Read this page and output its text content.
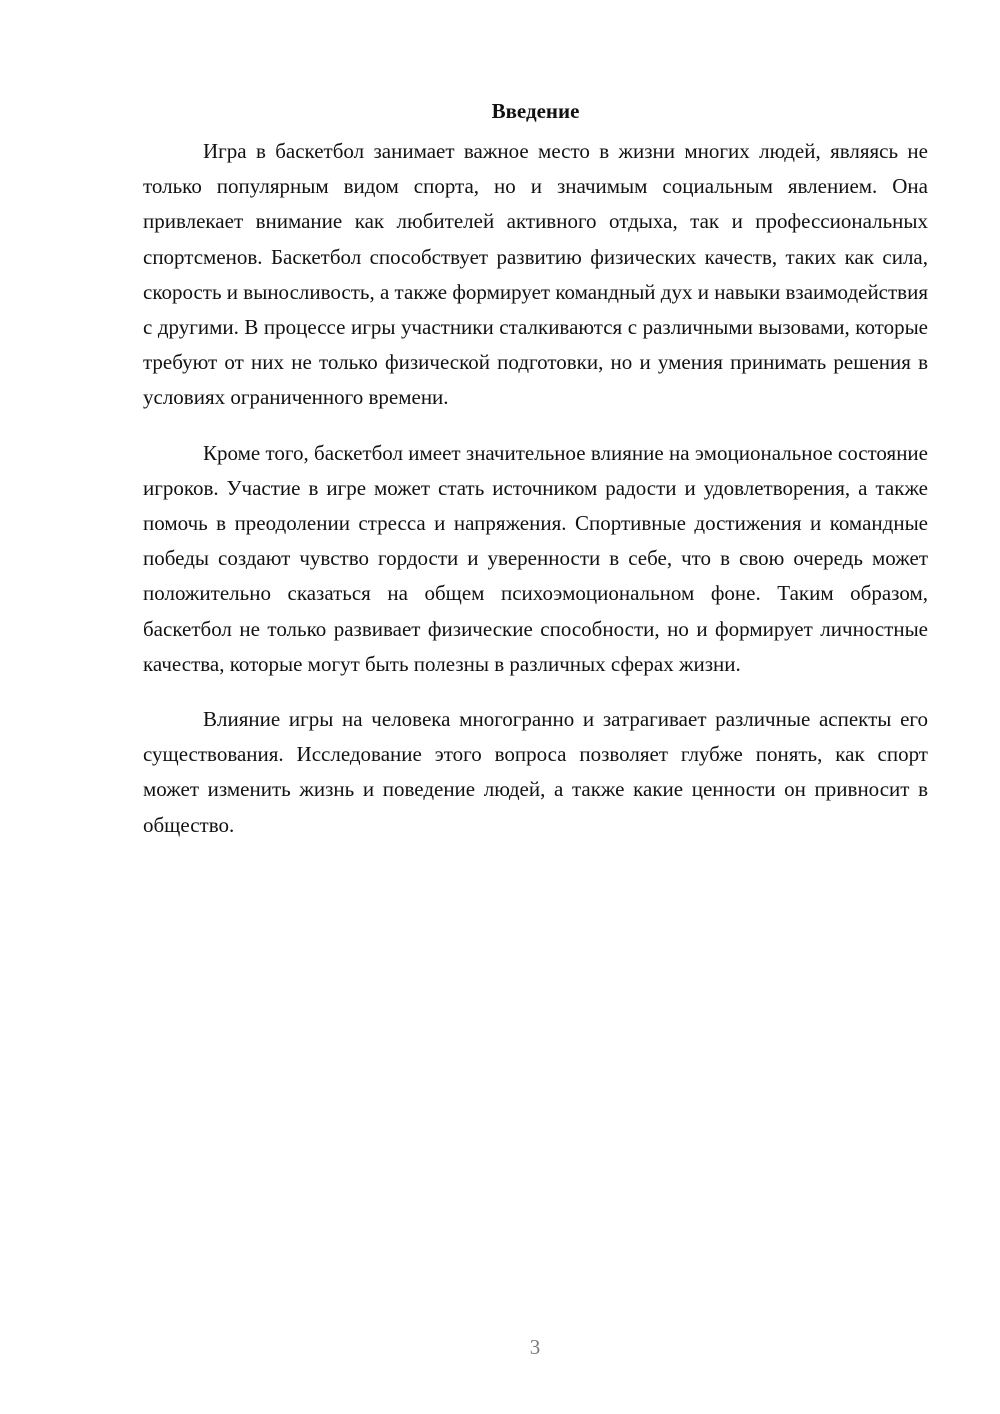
Введение

Игра в баскетбол занимает важное место в жизни многих людей, являясь не только популярным видом спорта, но и значимым социальным явлением. Она привлекает внимание как любителей активного отдыха, так и профессиональных спортсменов. Баскетбол способствует развитию физических качеств, таких как сила, скорость и выносливость, а также формирует командный дух и навыки взаимодействия с другими. В процессе игры участники сталкиваются с различными вызовами, которые требуют от них не только физической подготовки, но и умения принимать решения в условиях ограниченного времени.

Кроме того, баскетбол имеет значительное влияние на эмоциональное состояние игроков. Участие в игре может стать источником радости и удовлетворения, а также помочь в преодолении стресса и напряжения. Спортивные достижения и командные победы создают чувство гордости и уверенности в себе, что в свою очередь может положительно сказаться на общем психоэмоциональном фоне. Таким образом, баскетбол не только развивает физические способности, но и формирует личностные качества, которые могут быть полезны в различных сферах жизни.

Влияние игры на человека многогранно и затрагивает различные аспекты его существования. Исследование этого вопроса позволяет глубже понять, как спорт может изменить жизнь и поведение людей, а также какие ценности он привносит в общество.

3
